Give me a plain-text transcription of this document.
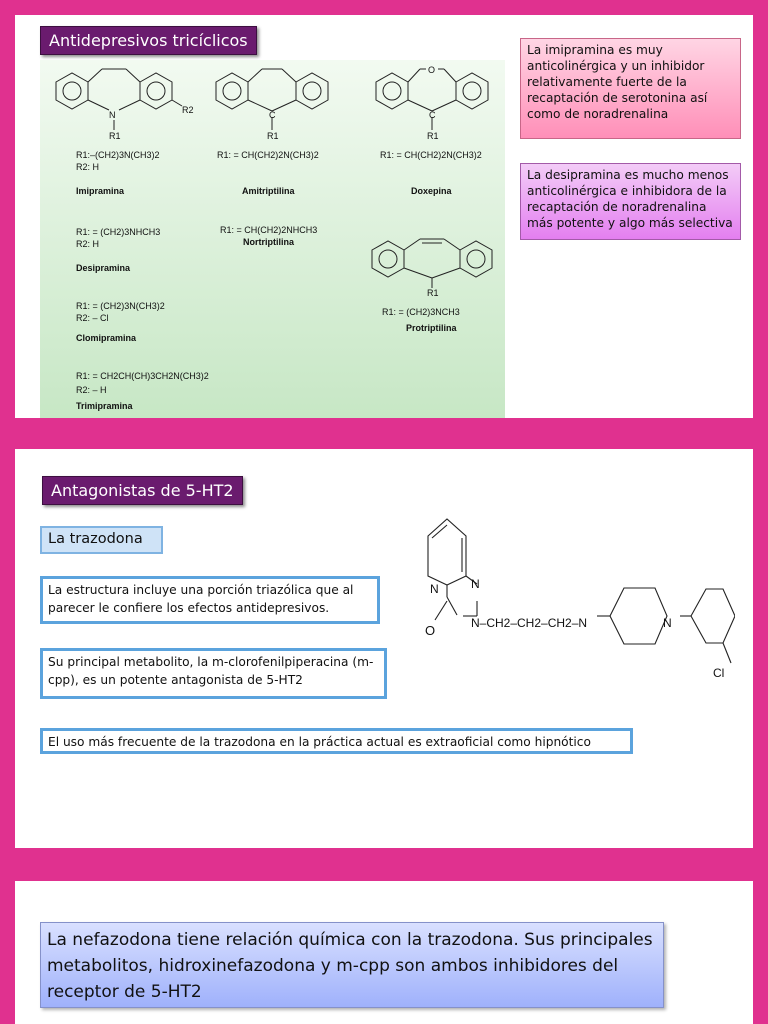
Antidepresivos tricíclicos
N	R2
R1
C
R1
O
C
R1
R1
R1:–(CH2)3N(CH3)2
R2: H
Imipramina
R1: = CH(CH2)2N(CH3)2
Amitriptilina
R1: = CH(CH2)2N(CH3)2
Doxepina
R1: = (CH2)3NHCH3
R2: H
Desipramina
R1: = CH(CH2)2NHCH3
Nortriptilina
R1: = (CH2)3N(CH3)2
R2: – Cl
Clomipramina
R1: = (CH2)3NCH3
Protriptilina
R1: = CH2CH(CH)3CH2N(CH3)2
R2: – H
Trimipramina
La imipramina es muy anticolinérgica y un inhibidor relativamente fuerte de la recaptación de serotonina así como de noradrenalina
La desipramina es mucho menos anticolinérgica e inhibidora de la recaptación de noradrenalina más potente y algo más selectiva
Antagonistas de 5-HT2
La trazodona
La estructura incluye una porción triazólica que al parecer le confiere los efectos antidepresivos.
Su principal metabolito, la m-clorofenilpiperacina (m-cpp), es un potente antagonista de 5-HT2
El uso más frecuente de la trazodona en la práctica actual es extraoficial como hipnótico
N	N
O	N–CH2–CH2–CH2–N	N
Cl
La nefazodona tiene relación química con la trazodona. Sus principales metabolitos, hidroxinefazodona y m-cpp son ambos inhibidores del receptor de 5-HT2
